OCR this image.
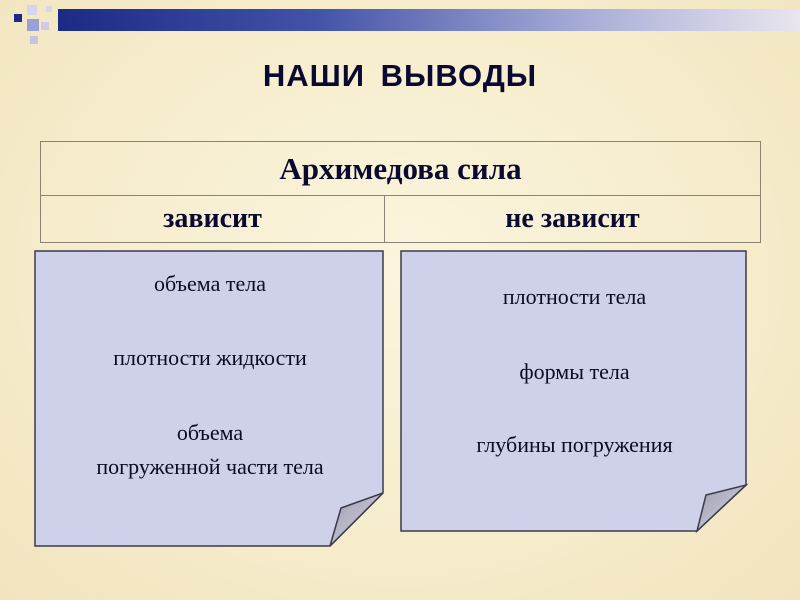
НАШИ ВЫВОДЫ
Архимедова сила
зависит	не зависит
объема тела
плотности жидкости
объема
погруженной части тела
плотности тела
формы тела
глубины погружения
